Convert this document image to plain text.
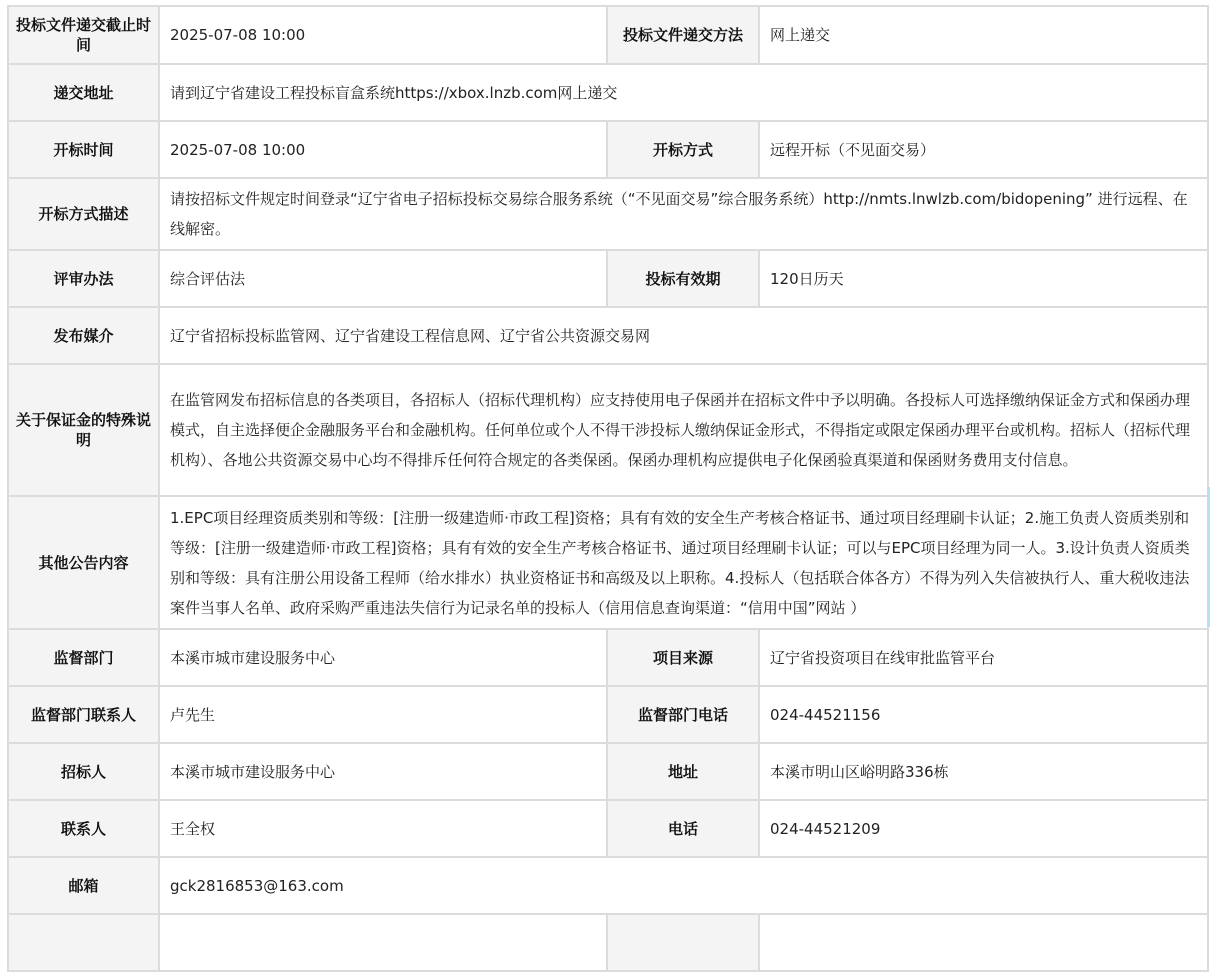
投标文件递交截止时间	2025-07-08 10:00	投标文件递交方法	网上递交
递交地址	请到辽宁省建设工程投标盲盒系统https://xbox.lnzb.com网上递交		
开标时间	2025-07-08 10:00	开标方式	远程开标（不见面交易）
开标方式描述	请按招标文件规定时间登录“辽宁省电子招标投标交易综合服务系统（“不见面交易”综合服务系统）http://nmts.lnwlzb.com/bidopening” 进行远程、在线解密。		
评审办法	综合评估法	投标有效期	120日历天
发布媒介	辽宁省招标投标监管网、辽宁省建设工程信息网、辽宁省公共资源交易网		
关于保证金的特殊说明	在监管网发布招标信息的各类项目，各招标人（招标代理机构）应支持使用电子保函并在招标文件中予以明确。各投标人可选择缴纳保证金方式和保函办理模式，自主选择便企金融服务平台和金融机构。任何单位或个人不得干涉投标人缴纳保证金形式，不得指定或限定保函办理平台或机构。招标人（招标代理机构）、各地公共资源交易中心均不得排斥任何符合规定的各类保函。保函办理机构应提供电子化保函验真渠道和保函财务费用支付信息。		
其他公告内容	1.EPC项目经理资质类别和等级：[注册一级建造师·市政工程]资格；具有有效的安全生产考核合格证书、通过项目经理刷卡认证；2.施工负责人资质类别和等级：[注册一级建造师·市政工程]资格；具有有效的安全生产考核合格证书、通过项目经理刷卡认证；可以与EPC项目经理为同一人。3.设计负责人资质类别和等级：具有注册公用设备工程师（给水排水）执业资格证书和高级及以上职称。4.投标人（包括联合体各方）不得为列入失信被执行人、重大税收违法案件当事人名单、政府采购严重违法失信行为记录名单的投标人（信用信息查询渠道：“信用中国”网站 ）		
监督部门	本溪市城市建设服务中心	项目来源	辽宁省投资项目在线审批监管平台
监督部门联系人	卢先生	监督部门电话	024-44521156
招标人	本溪市城市建设服务中心	地址	本溪市明山区峪明路336栋
联系人	王全权	电话	024-44521209
邮箱	gck2816853@163.com		
